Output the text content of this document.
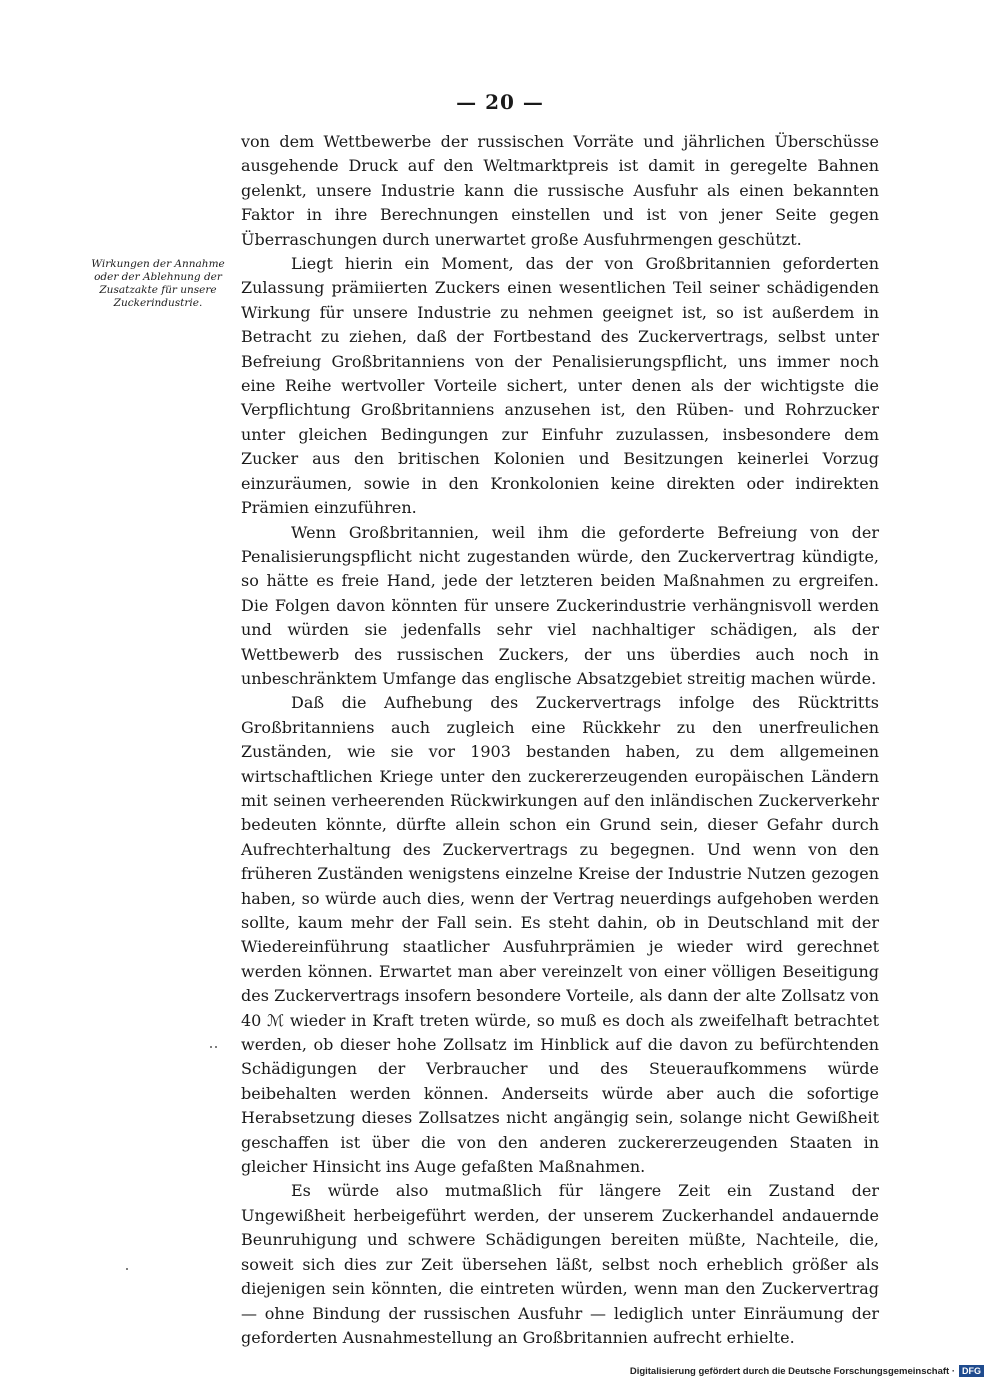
— 20 —
Wirkungen der Annahme oder der Ablehnung der Zusatzakte für unsere Zuckerindustrie.

von dem Wettbewerbe der russischen Vorräte und jährlichen Überschüsse ausgehende Druck auf den Weltmarktpreis ist damit in geregelte Bahnen gelenkt, unsere Industrie kann die russische Ausfuhr als einen bekannten Faktor in ihre Berechnungen einstellen und ist von jener Seite gegen Überraschungen durch unerwartet große Ausfuhrmengen geschützt.

Liegt hierin ein Moment, das der von Großbritannien geforderten Zulassung prämiierten Zuckers einen wesentlichen Teil seiner schädigenden Wirkung für unsere Industrie zu nehmen geeignet ist, so ist außerdem in Betracht zu ziehen, daß der Fortbestand des Zuckervertrags, selbst unter Befreiung Großbritanniens von der Penalisierungspflicht, uns immer noch eine Reihe wertvoller Vorteile sichert, unter denen als der wichtigste die Verpflichtung Großbritanniens anzusehen ist, den Rüben- und Rohrzucker unter gleichen Bedingungen zur Einfuhr zuzulassen, insbesondere dem Zucker aus den britischen Kolonien und Besitzungen keinerlei Vorzug einzuräumen, sowie in den Kronkolonien keine direkten oder indirekten Prämien einzuführen.

Wenn Großbritannien, weil ihm die geforderte Befreiung von der Penalisierungspflicht nicht zugestanden würde, den Zuckervertrag kündigte, so hätte es freie Hand, jede der letzteren beiden Maßnahmen zu ergreifen. Die Folgen davon könnten für unsere Zuckerindustrie verhängnisvoll werden und würden sie jedenfalls sehr viel nachhaltiger schädigen, als der Wettbewerb des russischen Zuckers, der uns überdies auch noch in unbeschränktem Umfange das englische Absatzgebiet streitig machen würde.

Daß die Aufhebung des Zuckervertrags infolge des Rücktritts Großbritanniens auch zugleich eine Rückkehr zu den unerfreulichen Zuständen, wie sie vor 1903 bestanden haben, zu dem allgemeinen wirtschaftlichen Kriege unter den zuckererzeugenden europäischen Ländern mit seinen verheerenden Rückwirkungen auf den inländischen Zuckerverkehr bedeuten könnte, dürfte allein schon ein Grund sein, dieser Gefahr durch Aufrechterhaltung des Zuckervertrags zu begegnen. Und wenn von den früheren Zuständen wenigstens einzelne Kreise der Industrie Nutzen gezogen haben, so würde auch dies, wenn der Vertrag neuerdings aufgehoben werden sollte, kaum mehr der Fall sein. Es steht dahin, ob in Deutschland mit der Wiedereinführung staatlicher Ausfuhrprämien je wieder wird gerechnet werden können. Erwartet man aber vereinzelt von einer völligen Beseitigung des Zuckervertrags insofern besondere Vorteile, als dann der alte Zollsatz von 40 ℳ wieder in Kraft treten würde, so muß es doch als zweifelhaft betrachtet werden, ob dieser hohe Zollsatz im Hinblick auf die davon zu befürchtenden Schädigungen der Verbraucher und des Steueraufkommens würde beibehalten werden können. Anderseits würde aber auch die sofortige Herabsetzung dieses Zollsatzes nicht angängig sein, solange nicht Gewißheit geschaffen ist über die von den anderen zuckererzeugenden Staaten in gleicher Hinsicht ins Auge gefaßten Maßnahmen.

Es würde also mutmaßlich für längere Zeit ein Zustand der Ungewißheit herbeigeführt werden, der unserem Zuckerhandel andauernde Beunruhigung und schwere Schädigungen bereiten müßte, Nachteile, die, soweit sich dies zur Zeit übersehen läßt, selbst noch erheblich größer als diejenigen sein könnten, die eintreten würden, wenn man den Zuckervertrag — ohne Bindung der russischen Ausfuhr — lediglich unter Einräumung der geforderten Ausnahmestellung an Großbritannien aufrecht erhielte.

Digitalisierung gefördert durch die Deutsche Forschungsgemeinschaft · DFG
